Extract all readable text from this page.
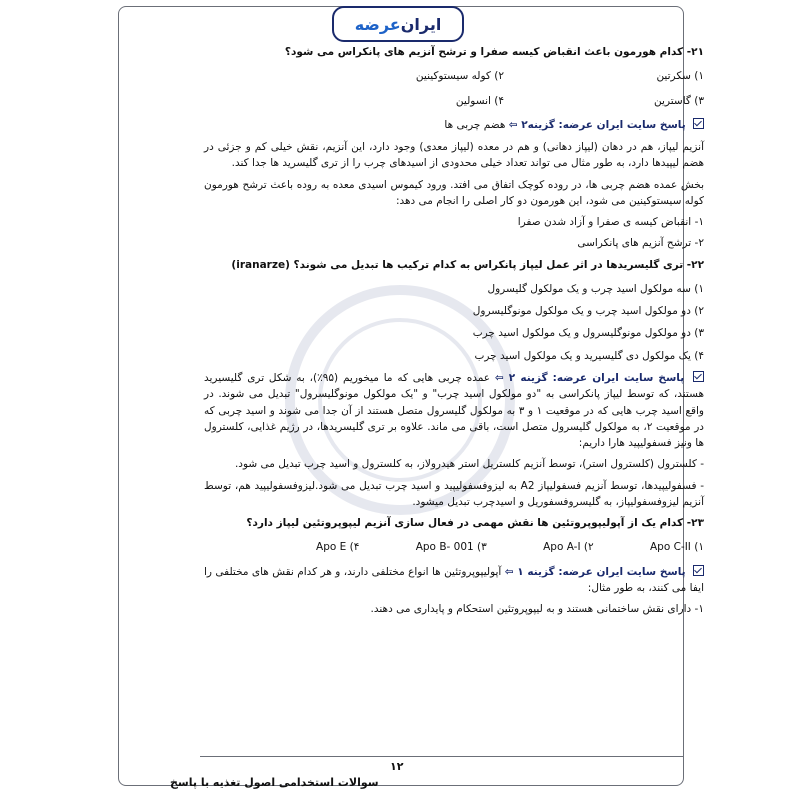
ایران
عرضه
۲۱- کدام هورمون باعث انقباض کیسه صفرا و ترشح آنزیم های پانکراس می شود؟
۱) سکرتین
۲) کوله سیستوکینین
۳) گاسترین
۴) انسولین
پاسخ سایت ایران عرضه: گزینه۲ ⇦ هضم چربی ها
آنزیم لیپاز، هم در دهان (لیپاز دهانی) و هم در معده (لیپاز معدی) وجود دارد، این آنزیم، نقش خیلی کم و جزئی در هضم لیپیدها دارد، به طور مثال می تواند تعداد خیلی محدودی از اسیدهای چرب را از تری گلیسرید ها جدا کند.
بخش عمده هضم چربی ها، در روده کوچک اتفاق می افتد. ورود کیموس اسیدی معده به روده باعث ترشح هورمون کوله سیستوکینین می شود، این هورمون دو کار اصلی را انجام می دهد:
۱- انقباض کیسه ی صفرا و آزاد شدن صفرا
۲- ترشح آنزیم های پانکراسی
۲۲- تری گلیسریدها در اثر عمل لیپاز پانکراس به کدام ترکیب ها تبدیل می شوند؟ (iranarze)
۱) سه مولکول اسید چرب و یک مولکول گلیسرول
۲) دو مولکول اسید چرب و یک مولکول مونوگلیسرول
۳) دو مولکول مونوگلیسرول و یک مولکول اسید چرب
۴) یک مولکول دی گلیسیرید و یک مولکول اسید چرب
پاسخ سایت ایران عرضه: گزینه ۲ ⇦ عمده چربی هایی که ما میخوریم (۹۵٪)، به شکل تری گلیسیرید هستند، که توسط لیپاز پانکراسی به "دو مولکول اسید چرب" و "یک مولکول مونوگلیسرول" تبدیل می شوند. در واقع اسید چرب هایی که در موقعیت ۱ و ۳ به مولکول گلیسرول متصل هستند از آن جدا می شوند و اسید چربی که در موقعیت ۲، به مولکول گلیسرول متصل است، باقی می ماند. علاوه بر تری گلیسریدها، در رژیم غذایی، کلسترول ها ونیز فسفولیپید هارا داریم:
- کلسترول (کلسترول استر)، توسط آنزیم کلستریل استر هیدرولاز، به کلسترول و اسید چرب تبدیل می شود.
- فسفولیپیدها، توسط آنزیم فسفولیپاز A2 به لیزوفسفولیپید و اسید چرب تبدیل می شود.لیزوفسفولیپید هم، توسط آنزیم لیزوفسفولیپاز، به گلیسروفسفوریل و اسیدچرب تبدیل میشود.
۲۳- کدام یک از آپولیپوپروتئین ها نقش مهمی در فعال سازی آنزیم لیپوپروتئین لیپاز دارد؟
۱) Apo C-II
۲) Apo A-I
۳) Apo B- 001
۴) Apo E
پاسخ سایت ایران عرضه: گزینه ۱ ⇦ آپولیپوپروتئین ها انواع مختلفی دارند، و هر کدام نقش های مختلفی را ایفا می کنند، به طور مثال:
۱- دارای نقش ساختمانی هستند و به لیپوپروتئین استحکام و پایداری می دهند.
۱۲
سوالات استخدامی اصول تغذیه با پاسخ
